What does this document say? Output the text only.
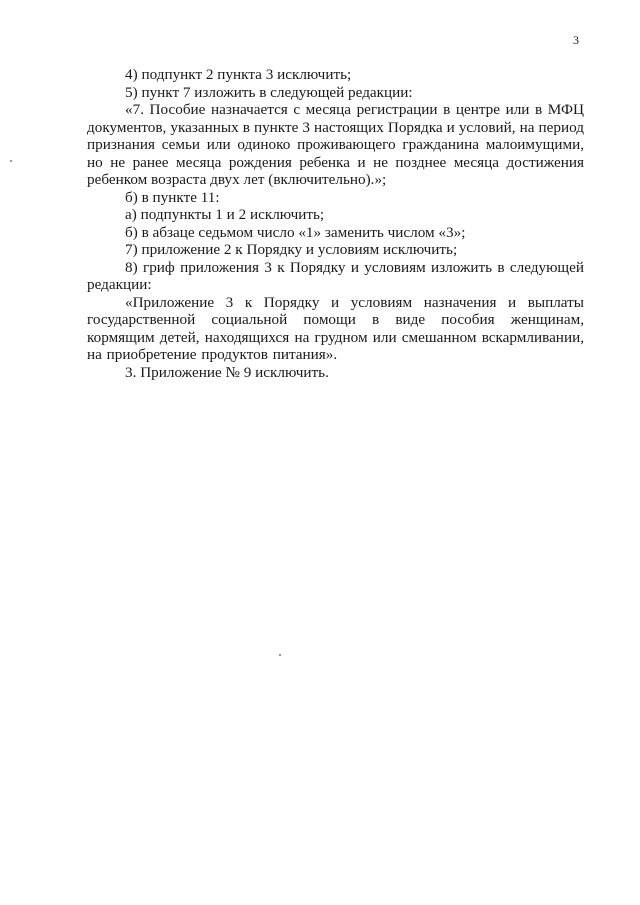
3

4) подпункт 2 пункта 3 исключить;

5) пункт 7 изложить в следующей редакции:

«7. Пособие назначается с месяца регистрации в центре или в МФЦ документов, указанных в пункте 3 настоящих Порядка и условий, на период признания семьи или одиноко проживающего гражданина малоимущими, но не ранее месяца рождения ребенка и не позднее месяца достижения ребенком возраста двух лет (включительно).»;

б) в пункте 11:

а) подпункты 1 и 2 исключить;

б) в абзаце седьмом число «1» заменить числом «3»;

7) приложение 2 к Порядку и условиям исключить;

8) гриф приложения 3 к Порядку и условиям изложить в следующей редакции:

«Приложение 3 к Порядку и условиям назначения и выплаты государственной социальной помощи в виде пособия женщинам, кормящим детей, находящихся на грудном или смешанном вскармливании, на приобретение продуктов питания».

3. Приложение № 9 исключить.
